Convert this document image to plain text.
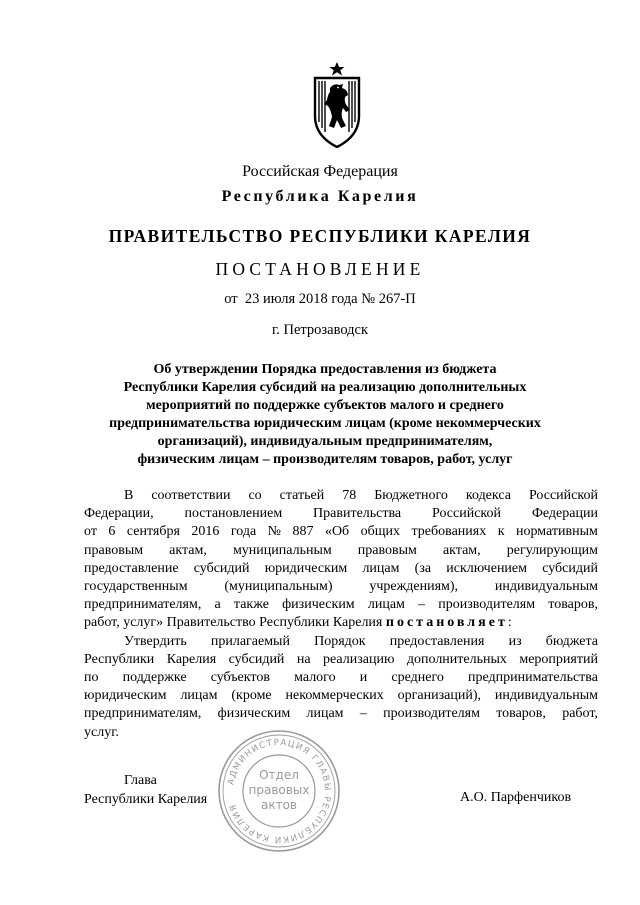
Российская Федерация
Республика Карелия
ПРАВИТЕЛЬСТВО РЕСПУБЛИКИ КАРЕЛИЯ
ПОСТАНОВЛЕНИЕ
от  23 июля 2018 года № 267-П
г. Петрозаводск
Об утверждении Порядка предоставления из бюджета
Республики Карелия субсидий на реализацию дополнительных
мероприятий по поддержке субъектов малого и среднего
предпринимательства юридическим лицам (кроме некоммерческих
организаций), индивидуальным предпринимателям,
физическим лицам – производителям товаров, работ, услуг
В соответствии со статьей 78 Бюджетного кодекса Российской
Федерации, постановлением Правительства Российской Федерации
от 6 сентября 2016 года № 887 «Об общих требованиях к нормативным
правовым актам, муниципальным правовым актам, регулирующим
предоставление субсидий юридическим лицам (за исключением субсидий
государственным	(муниципальным)	учреждениям),	индивидуальным
предпринимателям, а также физическим лицам – производителям товаров,
работ, услуг» Правительство Республики Карелия постановляет:
Утвердить прилагаемый Порядок предоставления из бюджета
Республики Карелия субсидий на реализацию дополнительных мероприятий
по поддержке субъектов малого и среднего предпринимательства
юридическим лицам (кроме некоммерческих организаций), индивидуальным
предпринимателям, физическим лицам – производителям товаров, работ,
услуг.
Глава
Республики Карелия	А.О. Парфенчиков
АДМИНИСТРАЦИЯ ГЛАВЫ РЕСПУБЛИКИ КАРЕЛИЯ
Отдел
правовых
актов
